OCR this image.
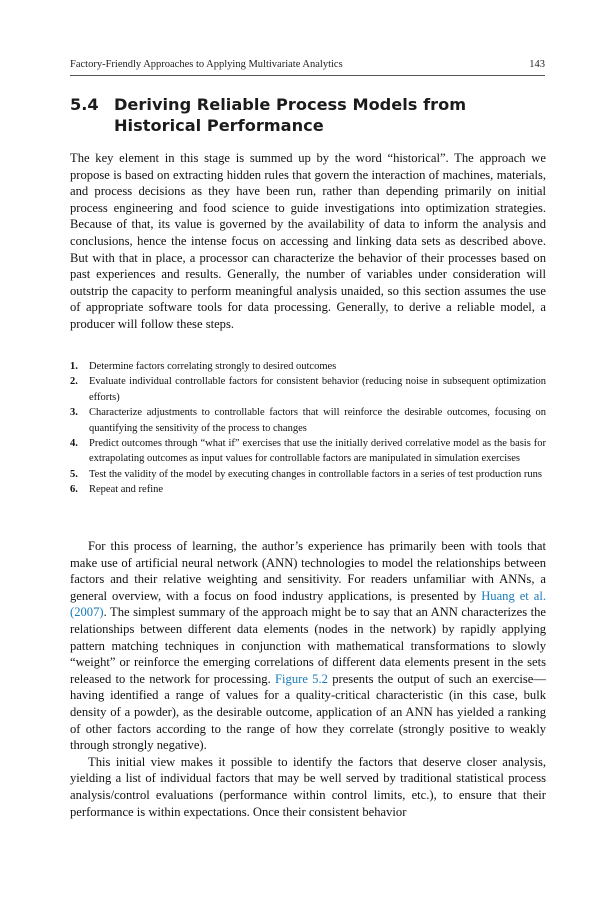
Factory-Friendly Approaches to Applying Multivariate Analytics	143
5.4 Deriving Reliable Process Models from Historical Performance

The key element in this stage is summed up by the word “historical”. The approach we propose is based on extracting hidden rules that govern the interaction of machines, materials, and process decisions as they have been run, rather than depending primarily on initial process engineering and food science to guide investigations into optimization strategies. Because of that, its value is governed by the availability of data to inform the analysis and conclusions, hence the intense focus on accessing and linking data sets as described above. But with that in place, a processor can characterize the behavior of their processes based on past experiences and results. Generally, the number of variables under consideration will outstrip the capacity to perform meaningful analysis unaided, so this section assumes the use of appropriate software tools for data processing. Generally, to derive a reliable model, a producer will follow these steps.

1. Determine factors correlating strongly to desired outcomes
2. Evaluate individual controllable factors for consistent behavior (reducing noise in subsequent optimization efforts)
3. Characterize adjustments to controllable factors that will reinforce the desirable outcomes, focusing on quantifying the sensitivity of the process to changes
4. Predict outcomes through “what if” exercises that use the initially derived correlative model as the basis for extrapolating outcomes as input values for controllable factors are manipulated in simulation exercises
5. Test the validity of the model by executing changes in controllable factors in a series of test production runs
6. Repeat and refine

For this process of learning, the author’s experience has primarily been with tools that make use of artificial neural network (ANN) technologies to model the relationships between factors and their relative weighting and sensitivity. For readers unfamiliar with ANNs, a general overview, with a focus on food industry applications, is presented by Huang et al. (2007). The simplest summary of the approach might be to say that an ANN characterizes the relationships between different data elements (nodes in the network) by rapidly applying pattern matching techniques in conjunction with mathematical transformations to slowly “weight” or reinforce the emerging correlations of different data elements present in the sets released to the network for processing. Figure 5.2 presents the output of such an exercise—having identified a range of values for a quality-critical characteristic (in this case, bulk density of a powder), as the desirable outcome, application of an ANN has yielded a ranking of other factors according to the range of how they correlate (strongly positive to weakly through strongly negative).

This initial view makes it possible to identify the factors that deserve closer analysis, yielding a list of individual factors that may be well served by traditional statistical process analysis/control evaluations (performance within control limits, etc.), to ensure that their performance is within expectations. Once their consistent behavior
